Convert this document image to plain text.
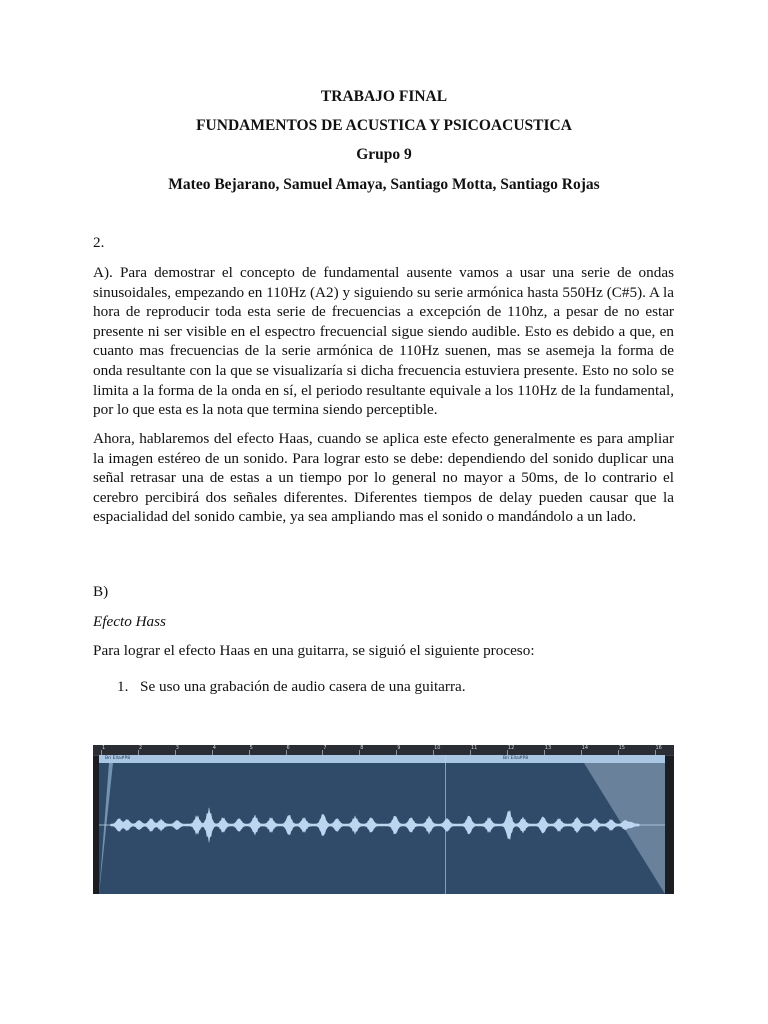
TRABAJO FINAL

FUNDAMENTOS DE ACUSTICA Y PSICOACUSTICA

Grupo 9

Mateo Bejarano, Samuel Amaya, Santiago Motta, Santiago Rojas

2.

A). Para demostrar el concepto de fundamental ausente vamos a usar una serie de ondas sinusoidales, empezando en 110Hz (A2) y siguiendo su serie armónica hasta 550Hz (C#5). A la hora de reproducir toda esta serie de frecuencias a excepción de 110hz, a pesar de no estar presente ni ser visible en el espectro frecuencial sigue siendo audible. Esto es debido a que, en cuanto mas frecuencias de la serie armónica de 110Hz suenen, mas se asemeja la forma de onda resultante con la que se visualizaría si dicha frecuencia estuviera presente. Esto no solo se limita a la forma de la onda en sí, el periodo resultante equivale a los 110Hz de la fundamental, por lo que esta es la nota que termina siendo perceptible.

Ahora, hablaremos del efecto Haas, cuando se aplica este efecto generalmente es para ampliar la imagen estéreo de un sonido. Para lograr esto se debe: dependiendo del sonido duplicar una señal retrasar una de estas a un tiempo por lo general no mayor a 50ms, de lo contrario el cerebro percibirá dos señales diferentes. Diferentes tiempos de delay pueden causar que la espacialidad del sonido cambie, ya sea ampliando mas el sonido o mandándolo a un lado.

B)

Efecto Hass

Para lograr el efecto Haas en una guitarra, se siguió el siguiente proceso:

1. Se uso una grabación de audio casera de una guitarra.
1	2	3	4	5	6	7	8	9	10	11	12	13	14	15	16
Bri Ella#P8	Bri Ella#P8
